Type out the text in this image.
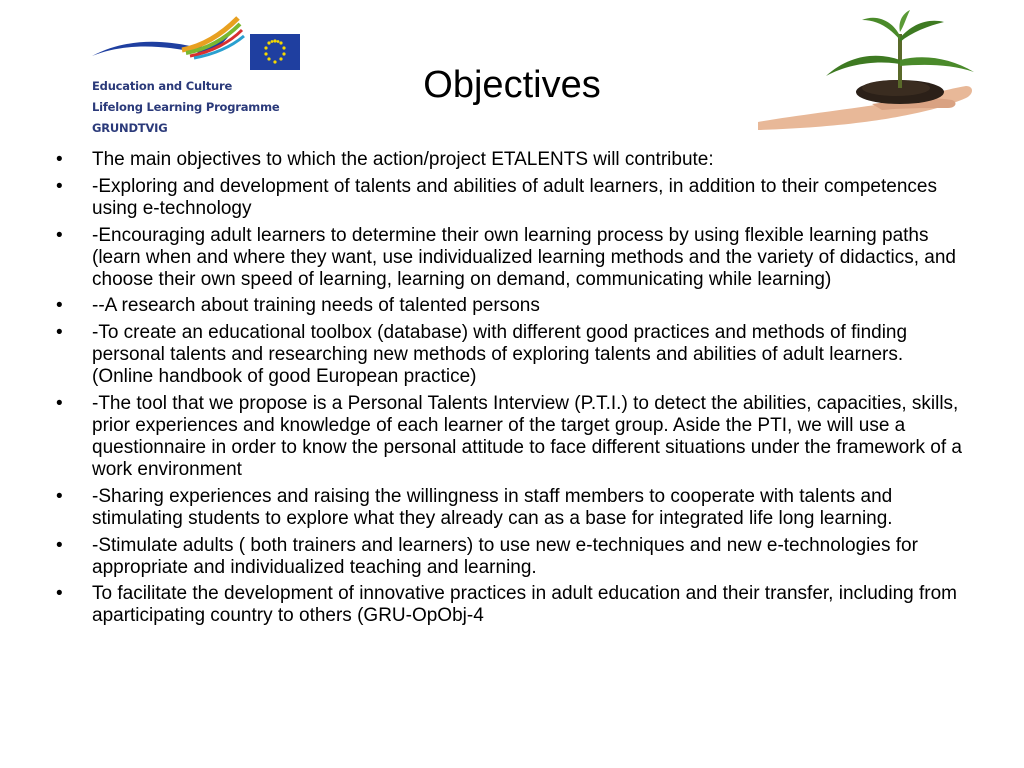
Education and Culture
Lifelong Learning Programme
GRUNDTVIG
Objectives
• The main objectives to which the action/project ETALENTS will contribute:
• -Exploring and development of talents and abilities of adult learners, in addition to their competences using e-technology
• -Encouraging adult learners to determine their own learning process by using flexible learning paths (learn when and where they want, use individualized learning methods and the variety of didactics, and choose their own speed of learning, learning on demand, communicating while learning)
• --A research about training needs of talented persons
• -To create an educational toolbox (database) with different good practices and methods of finding personal talents and researching new methods of exploring talents and abilities of adult learners. (Online handbook of good European practice)
• -The tool that we propose is a Personal Talents Interview (P.T.I.) to detect the abilities, capacities, skills, prior experiences and knowledge of each learner of the target group. Aside the PTI, we will use a questionnaire in order to know the personal attitude to face different situations under the framework of a work environment
• -Sharing experiences and raising the willingness in staff members to cooperate with talents and stimulating students to explore what they already can as a base for integrated life long learning.
• -Stimulate adults ( both trainers and learners) to use new e-techniques and new e-technologies for appropriate and individualized teaching and learning.
• To facilitate the development of innovative practices in adult education and their transfer, including from aparticipating country to others (GRU-OpObj-4
